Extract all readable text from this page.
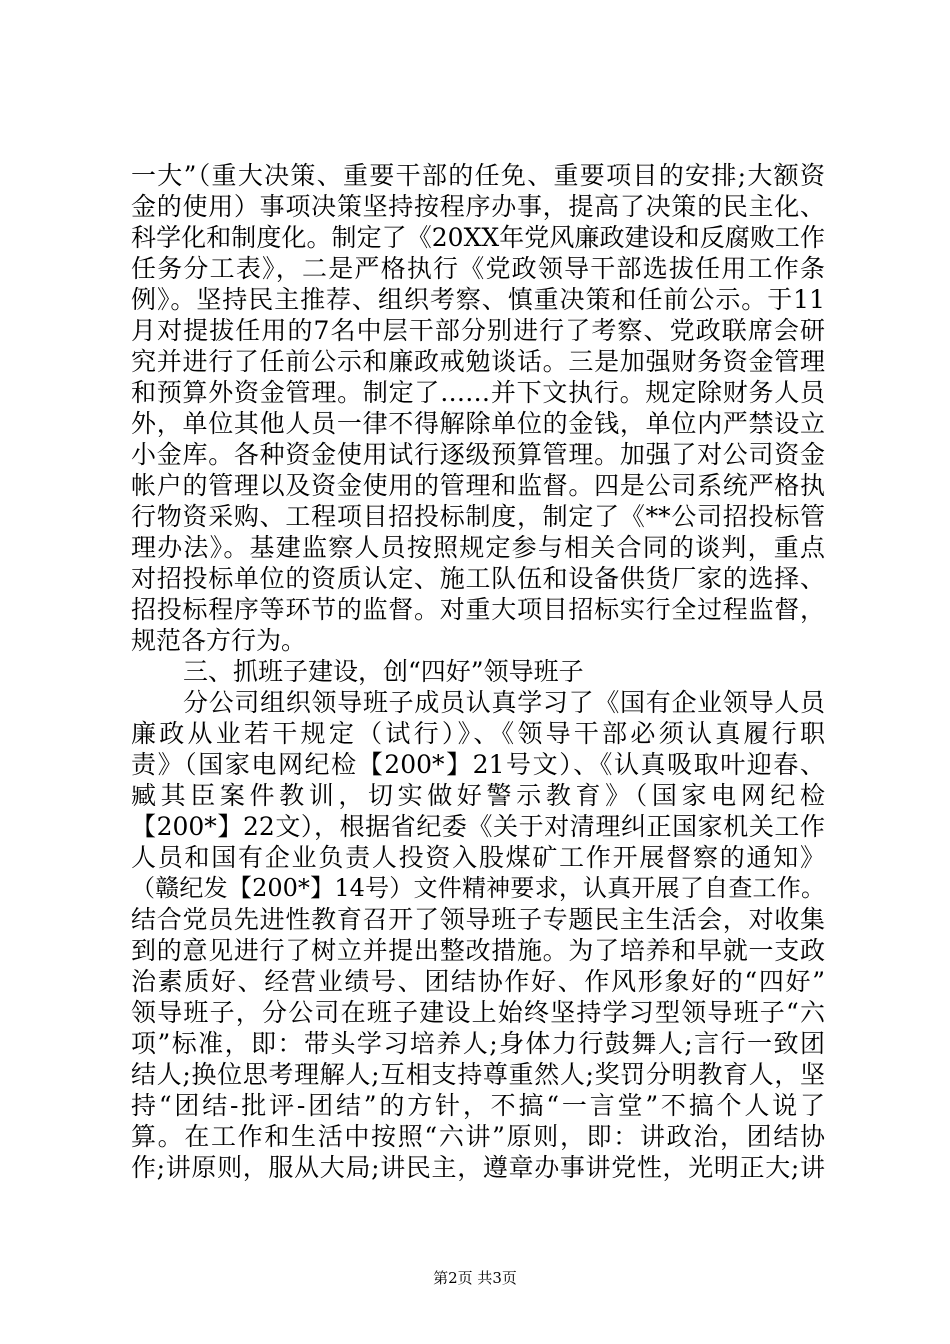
一大”（重大决策、重要干部的任免、重要项目的安排;大额资
金的使用）事项决策坚持按程序办事，提高了决策的民主化、
科学化和制度化。制定了《20XX年党风廉政建设和反腐败工作
任务分工表》，二是严格执行《党政领导干部选拔任用工作条
例》。坚持民主推荐、组织考察、慎重决策和任前公示。于11
月对提拔任用的7名中层干部分别进行了考察、党政联席会研
究并进行了任前公示和廉政戒勉谈话。三是加强财务资金管理
和预算外资金管理。制定了……并下文执行。规定除财务人员
外，单位其他人员一律不得解除单位的金钱，单位内严禁设立
小金库。各种资金使用试行逐级预算管理。加强了对公司资金
帐户的管理以及资金使用的管理和监督。四是公司系统严格执
行物资采购、工程项目招投标制度，制定了《**公司招投标管
理办法》。基建监察人员按照规定参与相关合同的谈判，重点
对招投标单位的资质认定、施工队伍和设备供货厂家的选择、
招投标程序等环节的监督。对重大项目招标实行全过程监督，
规范各方行为。
三、抓班子建设，创“四好”领导班子
分公司组织领导班子成员认真学习了《国有企业领导人员
廉政从业若干规定（试行）》、《领导干部必须认真履行职
责》（国家电网纪检【200*】21号文）、《认真吸取叶迎春、
臧其臣案件教训，切实做好警示教育》（国家电网纪检
【200*】22文），根据省纪委《关于对清理纠正国家机关工作
人员和国有企业负责人投资入股煤矿工作开展督察的通知》
（赣纪发【200*】14号）文件精神要求，认真开展了自查工作。
结合党员先进性教育召开了领导班子专题民主生活会，对收集
到的意见进行了树立并提出整改措施。为了培养和早就一支政
治素质好、经营业绩号、团结协作好、作风形象好的“四好”
领导班子，分公司在班子建设上始终坚持学习型领导班子“六
项”标准，即：带头学习培养人;身体力行鼓舞人;言行一致团
结人;换位思考理解人;互相支持尊重然人;奖罚分明教育人，坚
持“团结-批评-团结”的方针，不搞“一言堂”不搞个人说了
算。在工作和生活中按照“六讲”原则，即：讲政治，团结协
作;讲原则，服从大局;讲民主，遵章办事讲党性，光明正大;讲
第2页 共3页
